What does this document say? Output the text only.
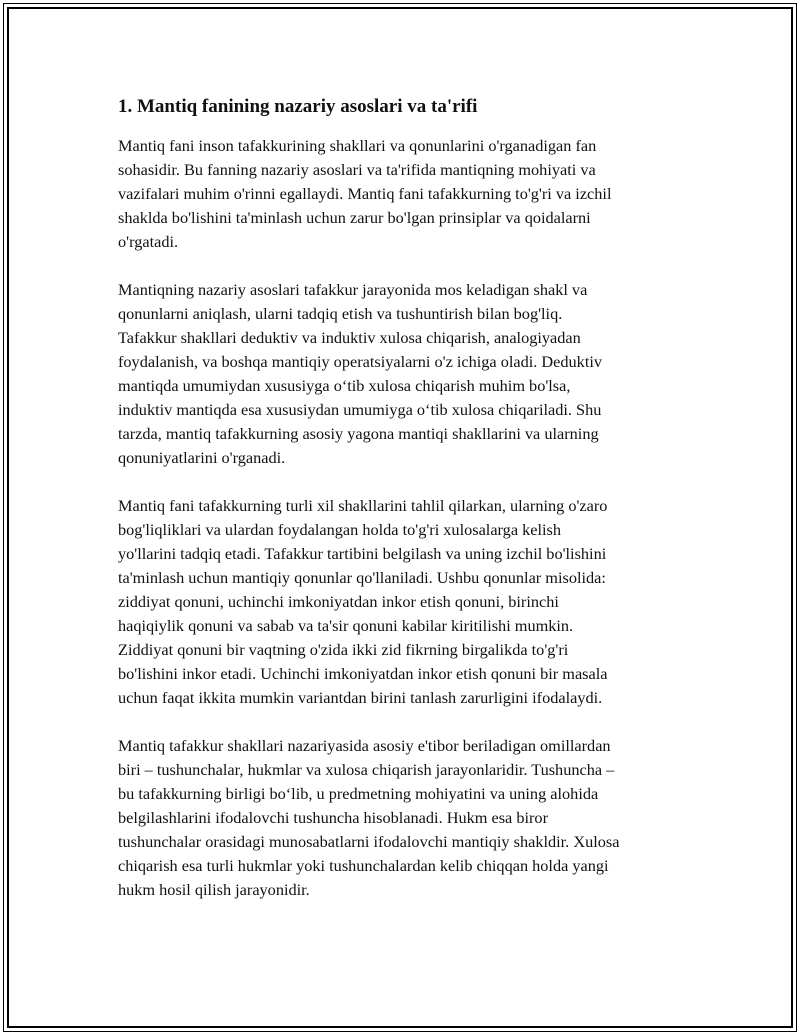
1. Mantiq fanining nazariy asoslari va ta'rifi

Mantiq fani inson tafakkurining shakllari va qonunlarini o'rganadigan fan
sohasidir. Bu fanning nazariy asoslari va ta'rifida mantiqning mohiyati va
vazifalari muhim o'rinni egallaydi. Mantiq fani tafakkurning to'g'ri va izchil
shaklda bo'lishini ta'minlash uchun zarur bo'lgan prinsiplar va qoidalarni
o'rgatadi.

Mantiqning nazariy asoslari tafakkur jarayonida mos keladigan shakl va
qonunlarni aniqlash, ularni tadqiq etish va tushuntirish bilan bog'liq.
Tafakkur shakllari deduktiv va induktiv xulosa chiqarish, analogiyadan
foydalanish, va boshqa mantiqiy operatsiyalarni o'z ichiga oladi. Deduktiv
mantiqda umumiydan xususiyga o‘tib xulosa chiqarish muhim bo'lsa,
induktiv mantiqda esa xususiydan umumiyga o‘tib xulosa chiqariladi. Shu
tarzda, mantiq tafakkurning asosiy yagona mantiqi shakllarini va ularning
qonuniyatlarini o'rganadi.

Mantiq fani tafakkurning turli xil shakllarini tahlil qilarkan, ularning o'zaro
bog'liqliklari va ulardan foydalangan holda to'g'ri xulosalarga kelish
yo'llarini tadqiq etadi. Tafakkur tartibini belgilash va uning izchil bo'lishini
ta'minlash uchun mantiqiy qonunlar qo'llaniladi. Ushbu qonunlar misolida:
ziddiyat qonuni, uchinchi imkoniyatdan inkor etish qonuni, birinchi
haqiqiylik qonuni va sabab va ta'sir qonuni kabilar kiritilishi mumkin.
Ziddiyat qonuni bir vaqtning o'zida ikki zid fikrning birgalikda to'g'ri
bo'lishini inkor etadi. Uchinchi imkoniyatdan inkor etish qonuni bir masala
uchun faqat ikkita mumkin variantdan birini tanlash zarurligini ifodalaydi.

Mantiq tafakkur shakllari nazariyasida asosiy e'tibor beriladigan omillardan
biri – tushunchalar, hukmlar va xulosa chiqarish jarayonlaridir. Tushuncha –
bu tafakkurning birligi bo‘lib, u predmetning mohiyatini va uning alohida
belgilashlarini ifodalovchi tushuncha hisoblanadi. Hukm esa biror
tushunchalar orasidagi munosabatlarni ifodalovchi mantiqiy shakldir. Xulosa
chiqarish esa turli hukmlar yoki tushunchalardan kelib chiqqan holda yangi
hukm hosil qilish jarayonidir.
